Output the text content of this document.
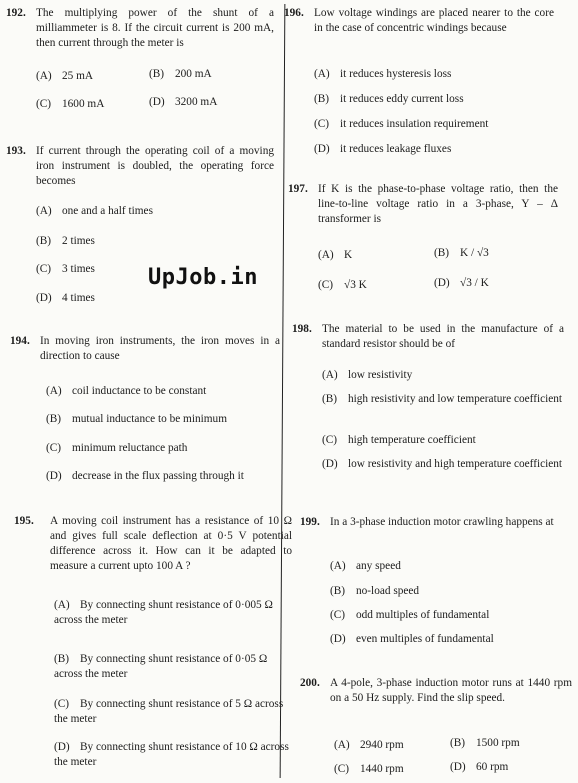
UpJob.in
192. The multiplying power of the shunt of a milliammeter is 8. If the circuit current is 200 mA, then current through the meter is
(A) 25 mA	(B) 200 mA
(C) 1600 mA	(D) 3200 mA
193. If current through the operating coil of a moving iron instrument is doubled, the operating force becomes
(A) one and a half times
(B) 2 times
(C) 3 times
(D) 4 times
194. In moving iron instruments, the iron moves in a direction to cause
(A) coil inductance to be constant
(B) mutual inductance to be minimum
(C) minimum reluctance path
(D) decrease in the flux passing through it
195. A moving coil instrument has a resistance of 10 Ω and gives full scale deflection at 0·5 V potential difference across it. How can it be adapted to measure a current upto 100 A ?
(A) By connecting shunt resistance of 0·005 Ω across the meter
(B) By connecting shunt resistance of 0·05 Ω across the meter
(C) By connecting shunt resistance of 5 Ω across the meter
(D) By connecting shunt resistance of 10 Ω across the meter
196. Low voltage windings are placed nearer to the core in the case of concentric windings because
(A) it reduces hysteresis loss
(B) it reduces eddy current loss
(C) it reduces insulation requirement
(D) it reduces leakage fluxes
197. If K is the phase-to-phase voltage ratio, then the line-to-line voltage ratio in a 3-phase, Y – Δ transformer is
(A) K	(B) K / √3
(C) √3 K	(D) √3 / K
198. The material to be used in the manufacture of a standard resistor should be of
(A) low resistivity
(B) high resistivity and low temperature coefficient
(C) high temperature coefficient
(D) low resistivity and high temperature coefficient
199. In a 3-phase induction motor crawling happens at
(A) any speed
(B) no-load speed
(C) odd multiples of fundamental
(D) even multiples of fundamental
200. A 4-pole, 3-phase induction motor runs at 1440 rpm on a 50 Hz supply. Find the slip speed.
(A) 2940 rpm	(B) 1500 rpm
(C) 1440 rpm	(D) 60 rpm
